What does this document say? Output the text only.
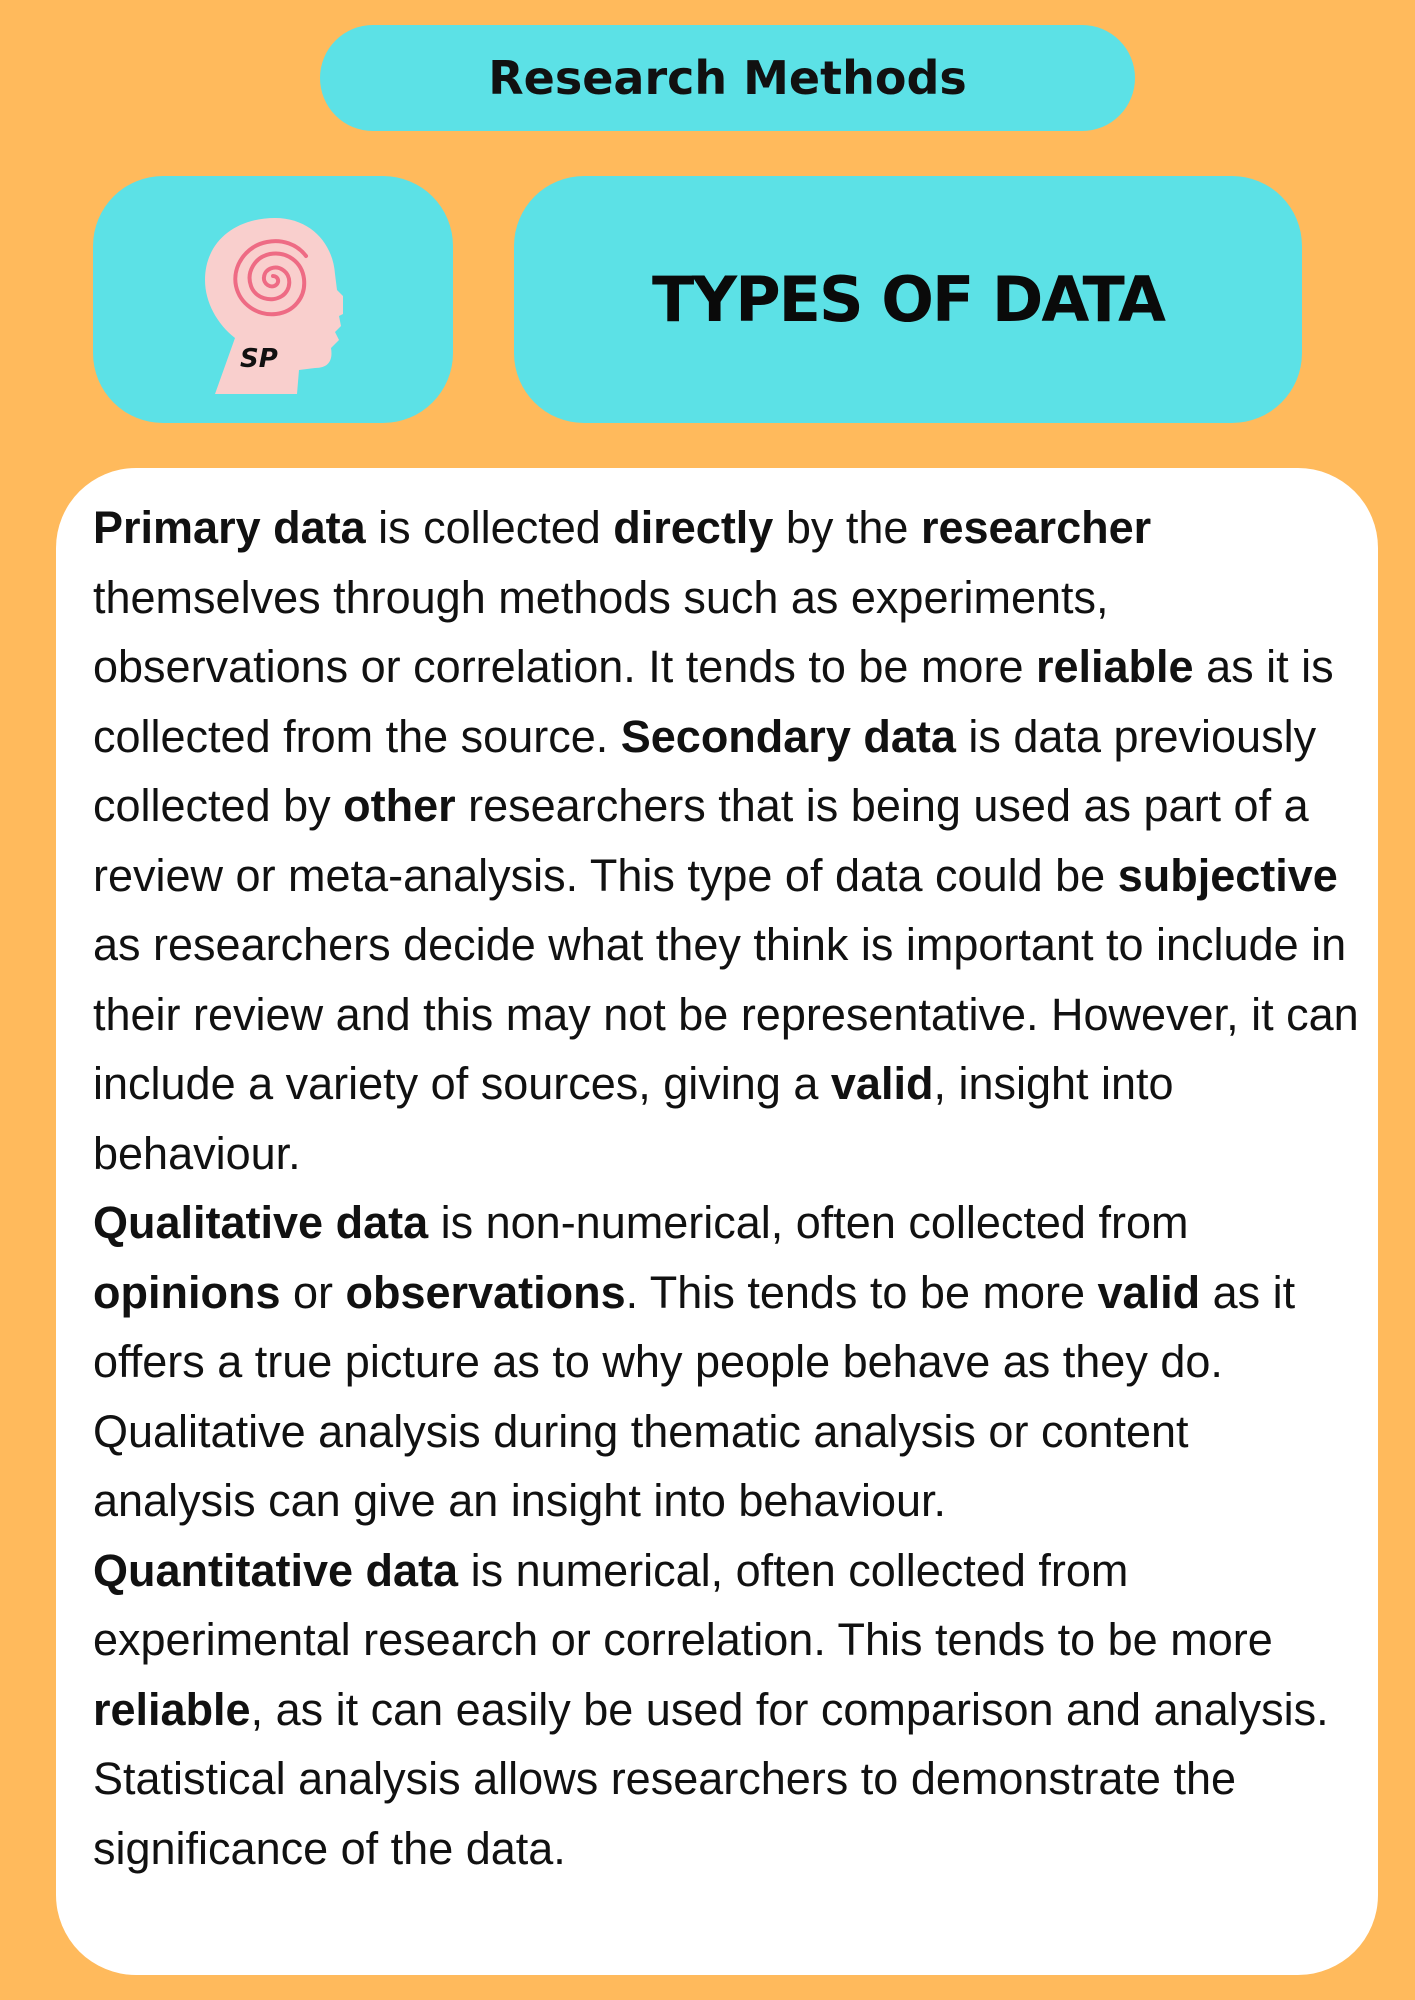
Research Methods
SP
TYPES OF DATA

Primary data is collected directly by the researcher themselves through methods such as experiments, observations or correlation. It tends to be more reliable as it is collected from the source. Secondary data is data previously collected by other researchers that is being used as part of a review or meta-analysis. This type of data could be subjective as researchers decide what they think is important to include in their review and this may not be representative. However, it can include a variety of sources, giving a valid, insight into behaviour.

Qualitative data is non-numerical, often collected from opinions or observations. This tends to be more valid as it offers a true picture as to why people behave as they do. Qualitative analysis during thematic analysis or content analysis can give an insight into behaviour.

Quantitative data is numerical, often collected from experimental research or correlation. This tends to be more reliable, as it can easily be used for comparison and analysis. Statistical analysis allows researchers to demonstrate the significance of the data.
